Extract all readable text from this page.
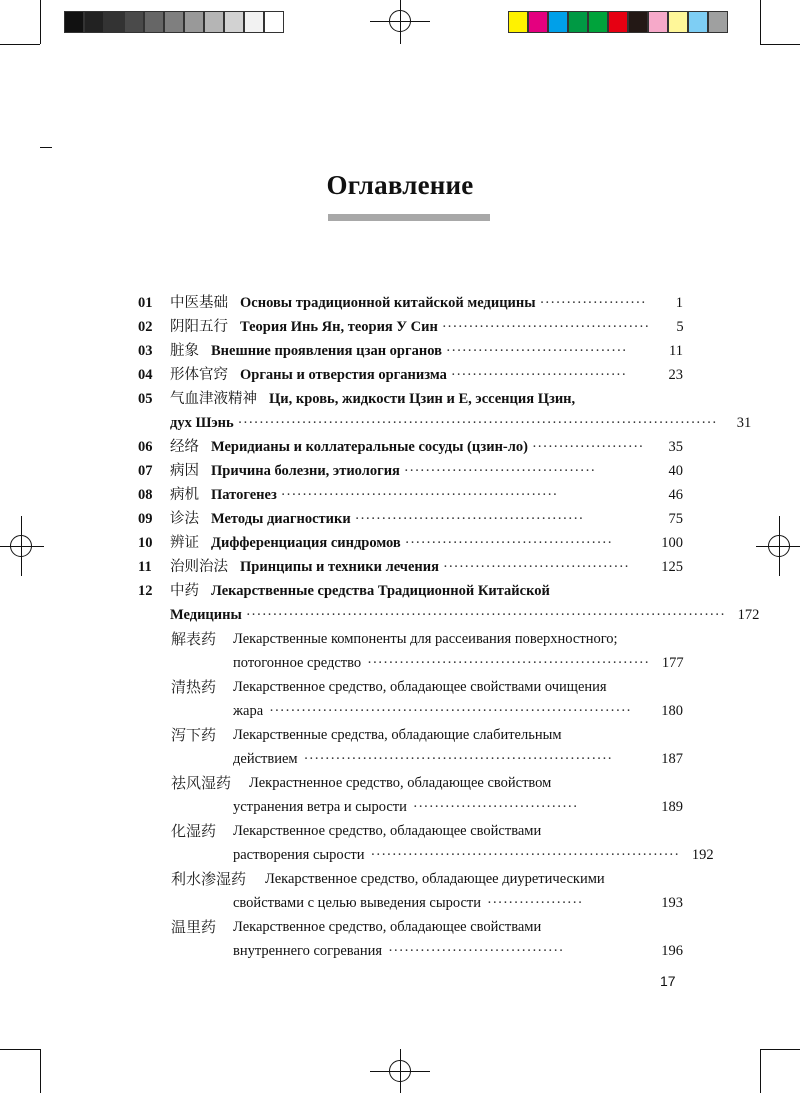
Оглавление
01 中医基础 Основы традиционной китайской медицины ····················	1
02 阴阳五行 Теория Инь Ян, теория У Син ·······································	5
03 脏象 Внешние проявления цзан органов ··································	11
04 形体官窍 Органы и отверстия организма ·································	23
05 气血津液精神 Ци, кровь, жидкости Цзин и Е, эссенция Цзин,
дух Шэнь ··························································································	31
06 经络 Меридианы и коллатеральные сосуды (цзин-ло) ·····················	35
07 病因 Причина болезни, этиология ····································	40
08 病机 Патогенез ····················································	46
09 诊法 Методы диагностики ···········································	75
10 辨证 Дифференциация синдромов ·······································	100
11 治则治法 Принципы и техники лечения ···································	125
12 中药 Лекарственные средства Традиционной Китайской
Медицины ·························································································· 172
解表药 Лекарственные компоненты для рассеивания поверхностного;
потогонное средство ····················································· 177
清热药 Лекарственное средство, обладающее свойствами очищения
жара ····································································	180
泻下药 Лекарственные средства, обладающие слабительным
действием ··························································	187
祛风湿药 Лекрастненное средство, обладающее свойством
устранения ветра и сырости ·······························	189
化湿药 Лекарственное средство, обладающее свойствами
растворения сырости ·························································· 192
利水渗湿药 Лекарственное средство, обладающее диуретическими
свойствами с целью выведения сырости ··················	193
温里药 Лекарственное средство, обладающее свойствами
внутреннего согревания ·································	196
17
